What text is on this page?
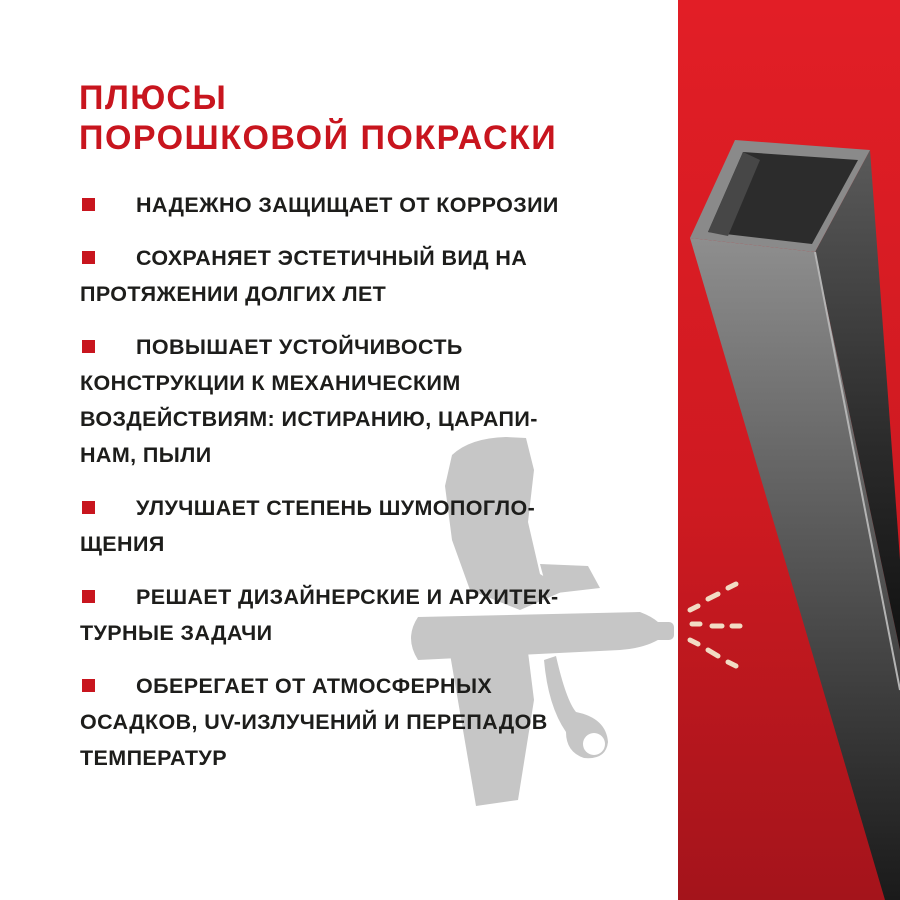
ПЛЮСЫ
ПОРОШКОВОЙ ПОКРАСКИ
НАДЕЖНО ЗАЩИЩАЕТ ОТ КОРРОЗИИ
СОХРАНЯЕТ ЭСТЕТИЧНЫЙ ВИД НА
ПРОТЯЖЕНИИ ДОЛГИХ ЛЕТ
ПОВЫШАЕТ УСТОЙЧИВОСТЬ
КОНСТРУКЦИИ К МЕХАНИЧЕСКИМ
ВОЗДЕЙСТВИЯМ: ИСТИРАНИЮ, ЦАРАПИ-
НАМ, ПЫЛИ
УЛУЧШАЕТ СТЕПЕНЬ ШУМОПОГЛО-
ЩЕНИЯ
РЕШАЕТ ДИЗАЙНЕРСКИЕ И АРХИТЕК-
ТУРНЫЕ ЗАДАЧИ
ОБЕРЕГАЕТ ОТ АТМОСФЕРНЫХ
ОСАДКОВ, UV-ИЗЛУЧЕНИЙ И ПЕРЕПАДОВ
ТЕМПЕРАТУР
